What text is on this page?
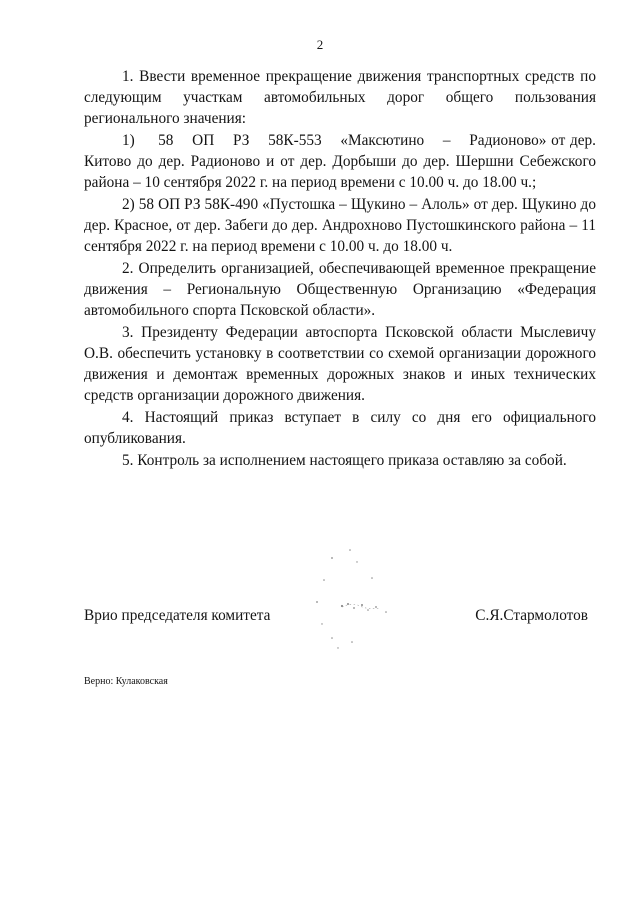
2

1. Ввести временное прекращение движения транспортных средств по следующим участкам автомобильных дорог общего пользования регионального значения:

1)     58    ОП    РЗ    58К-553    «Максютино    –    Радионово» от дер. Китово до дер. Радионово и от дер. Дорбыши до дер. Шершни Себежского района – 10 сентября 2022 г. на период времени с 10.00 ч. до 18.00 ч.;

2) 58 ОП РЗ 58К-490 «Пустошка – Щукино – Алоль» от дер. Щукино до дер. Красное, от дер. Забеги до дер. Андрохново Пустошкинского района – 11 сентября 2022 г. на период времени с 10.00 ч. до 18.00 ч.

2. Определить организацией, обеспечивающей временное прекращение движения – Региональную Общественную Организацию «Федерация автомобильного спорта Псковской области».

3. Президенту Федерации автоспорта Псковской области Мыслевичу О.В. обеспечить установку в соответствии со схемой организации дорожного движения и демонтаж временных дорожных знаков и иных технических средств организации дорожного движения.

4. Настоящий приказ вступает в силу со дня его официального опубликования.

5. Контроль за исполнением настоящего приказа оставляю за собой.

Врио председателя комитета	С.Я.Стармолотов
Верно: Кулаковская
